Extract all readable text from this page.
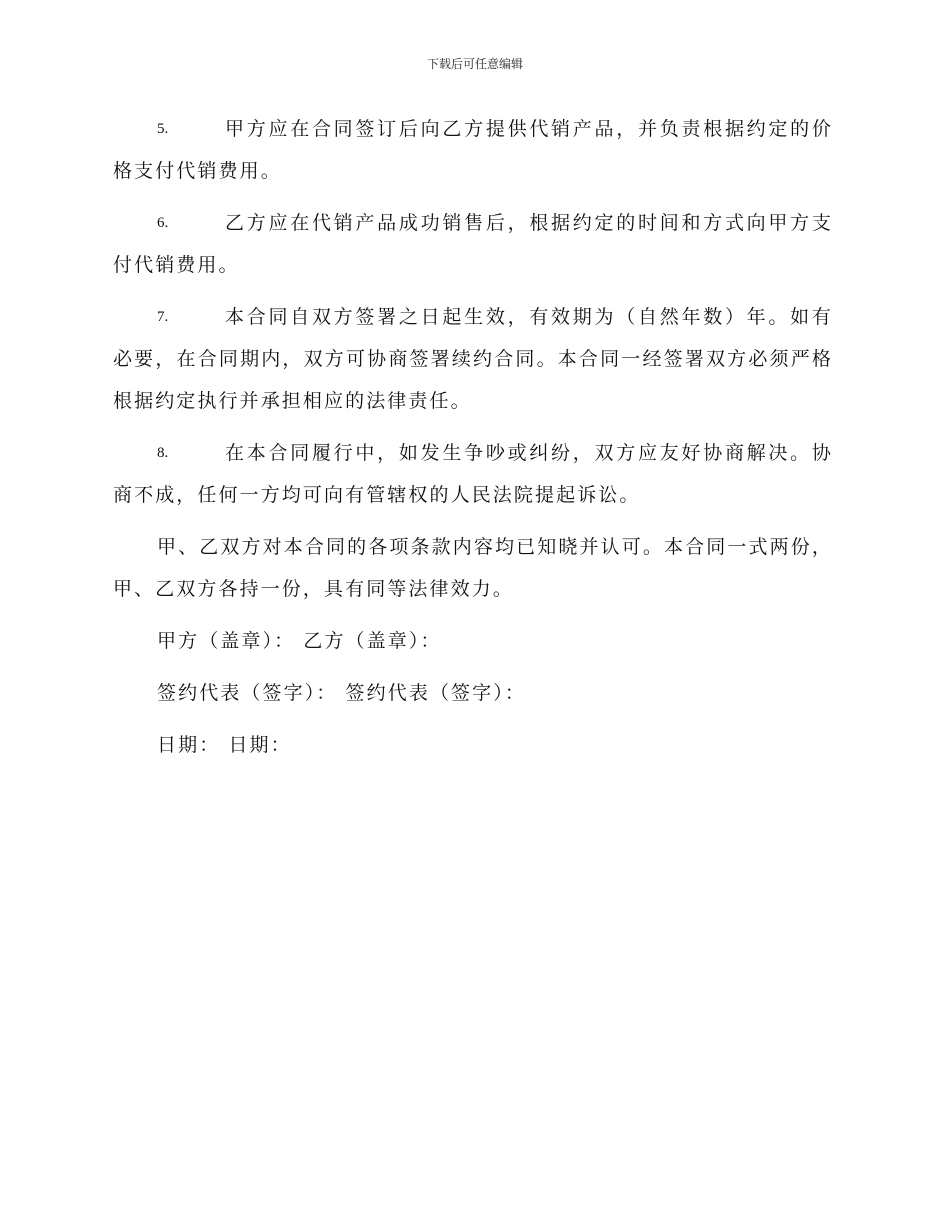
下载后可任意编辑

5.	甲方应在合同签订后向乙方提供代销产品，并负责根据约定的价格支付代销费用。

6.	乙方应在代销产品成功销售后，根据约定的时间和方式向甲方支付代销费用。

7.	本合同自双方签署之日起生效，有效期为（自然年数）年。如有必要，在合同期内，双方可协商签署续约合同。本合同一经签署双方必须严格根据约定执行并承担相应的法律责任。

8.	在本合同履行中，如发生争吵或纠纷，双方应友好协商解决。协商不成，任何一方均可向有管辖权的人民法院提起诉讼。

甲、乙双方对本合同的各项条款内容均已知晓并认可。本合同一式两份，甲、乙双方各持一份，具有同等法律效力。

甲方（盖章）： 乙方（盖章）：
签约代表（签字）： 签约代表（签字）：
日期： 日期：
